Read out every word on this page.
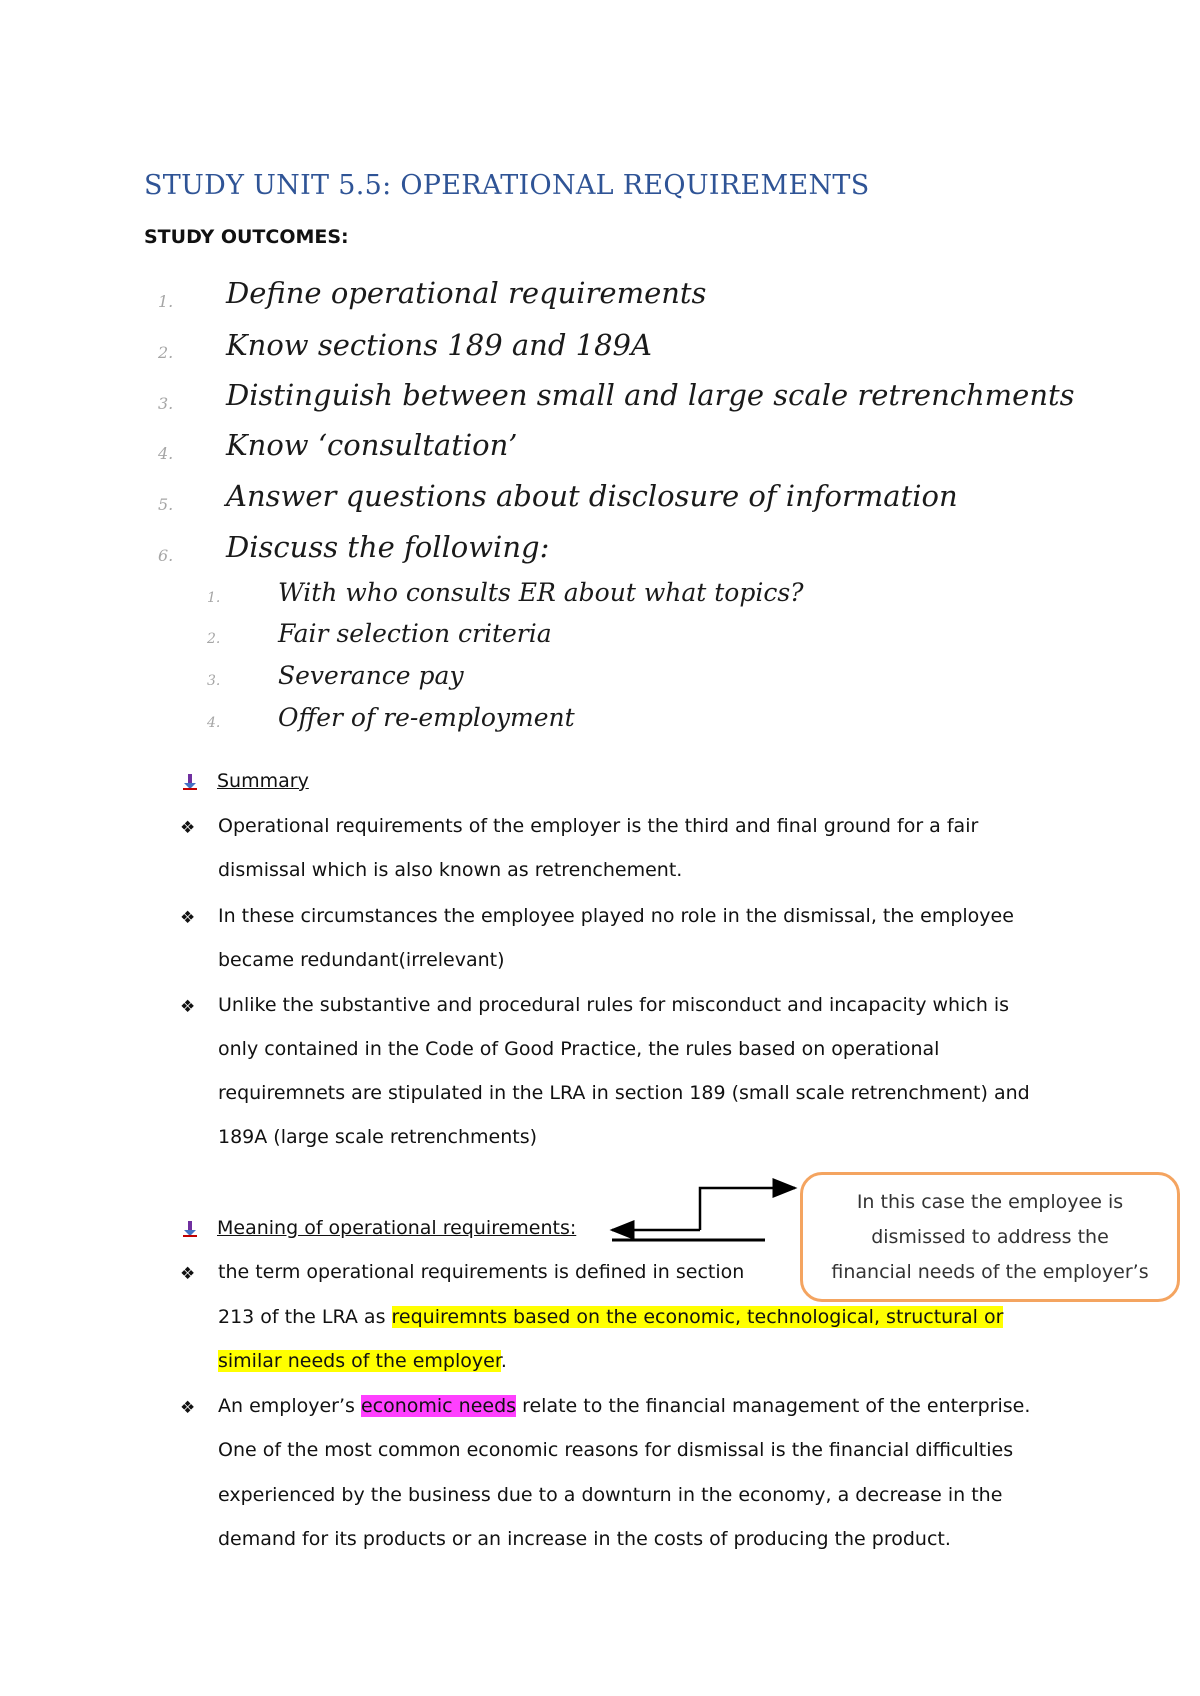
STUDY UNIT 5.5: OPERATIONAL REQUIREMENTS
STUDY OUTCOMES:
1. Define operational requirements
2. Know sections 189 and 189A
3. Distinguish between small and large scale retrenchments
4. Know ‘consultation’
5. Answer questions about disclosure of information
6. Discuss the following:
1. With who consults ER about what topics?
2. Fair selection criteria
3. Severance pay
4. Offer of re-employment
Summary
❖ Operational requirements of the employer is the third and final ground for a fair
dismissal which is also known as retrenchement.
❖ In these circumstances the employee played no role in the dismissal, the employee
became redundant(irrelevant)
❖ Unlike the substantive and procedural rules for misconduct and incapacity which is
only contained in the Code of Good Practice, the rules based on operational
requiremnets are stipulated in the LRA in section 189 (small scale retrenchment) and
189A (large scale retrenchments)
Meaning of operational requirements:
❖ the term operational requirements is defined in section
213 of the LRA as requiremnts based on the economic, technological, structural or
similar needs of the employer.
❖ An employer’s economic needs relate to the financial management of the enterprise.
One of the most common economic reasons for dismissal is the financial difficulties
experienced by the business due to a downturn in the economy, a decrease in the
demand for its products or an increase in the costs of producing the product.
In this case the employee is
dismissed to address the
financial needs of the employer’s
